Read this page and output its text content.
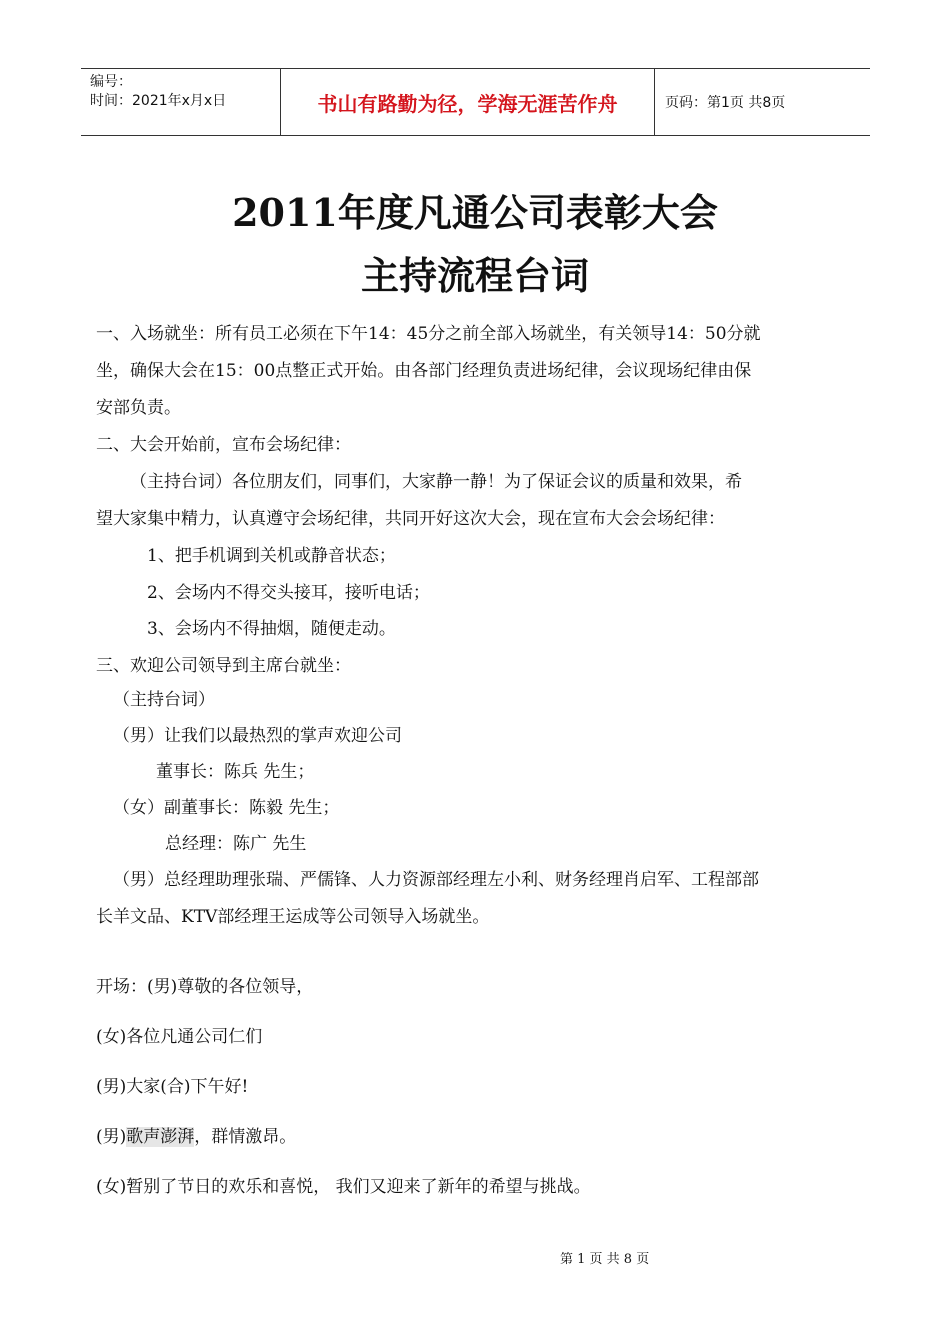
编号：
时间：2021年x月x日	书山有路勤为径，学海无涯苦作舟	页码：第1页 共8页
2011年度凡通公司表彰大会
主持流程台词
一、入场就坐：所有员工必须在下午14：45分之前全部入场就坐，有关领导14：50分就
坐，确保大会在15：00点整正式开始。由各部门经理负责进场纪律，会议现场纪律由保
安部负责。
二、大会开始前，宣布会场纪律：
（主持台词）各位朋友们，同事们，大家静一静！为了保证会议的质量和效果，希
望大家集中精力，认真遵守会场纪律，共同开好这次大会，现在宣布大会会场纪律：
1、把手机调到关机或静音状态；
2、会场内不得交头接耳，接听电话；
3、会场内不得抽烟，随便走动。
三、欢迎公司领导到主席台就坐：
（主持台词）
（男）让我们以最热烈的掌声欢迎公司
董事长：陈兵 先生；
（女）副董事长：陈毅 先生；
总经理：陈广 先生
（男）总经理助理张瑞、严儒锋、人力资源部经理左小利、财务经理肖启军、工程部部
长羊文品、KTV部经理王运成等公司领导入场就坐。
开场：(男)尊敬的各位领导，
(女)各位凡通公司仁们
(男)大家(合)下午好!
(男)歌声澎湃，群情激昂。
(女)暂别了节日的欢乐和喜悦， 我们又迎来了新年的希望与挑战。
第 1 页 共 8 页
